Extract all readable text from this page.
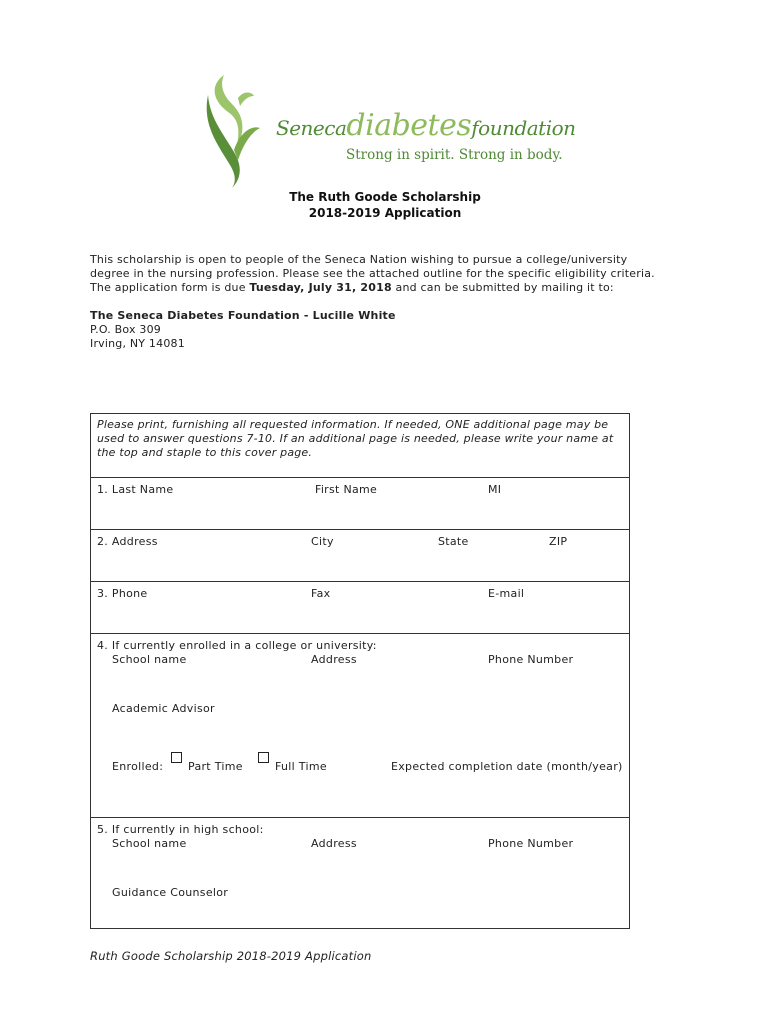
Senecadiabetesfoundation
Strong in spirit. Strong in body.
The Ruth Goode Scholarship
2018-2019 Application
This scholarship is open to people of the Seneca Nation wishing to pursue a college/university
degree in the nursing profession. Please see the attached outline for the specific eligibility criteria.
The application form is due Tuesday, July 31, 2018 and can be submitted by mailing it to:
The Seneca Diabetes Foundation - Lucille White
P.O. Box 309
Irving, NY 14081
Please print, furnishing all requested information. If needed, ONE additional page may be used to answer questions 7-10. If an additional page is needed, please write your name at the top and staple to this cover page.
1. Last Name	First Name	MI
2. Address	City	State	ZIP
3. Phone	Fax	E-mail
4. If currently enrolled in a college or university:
School name	Address	Phone Number
Academic Advisor
Enrolled: Part Time	Full Time	Expected completion date (month/year)
5. If currently in high school:
School name	Address	Phone Number
Guidance Counselor
Ruth Goode Scholarship 2018-2019 Application
